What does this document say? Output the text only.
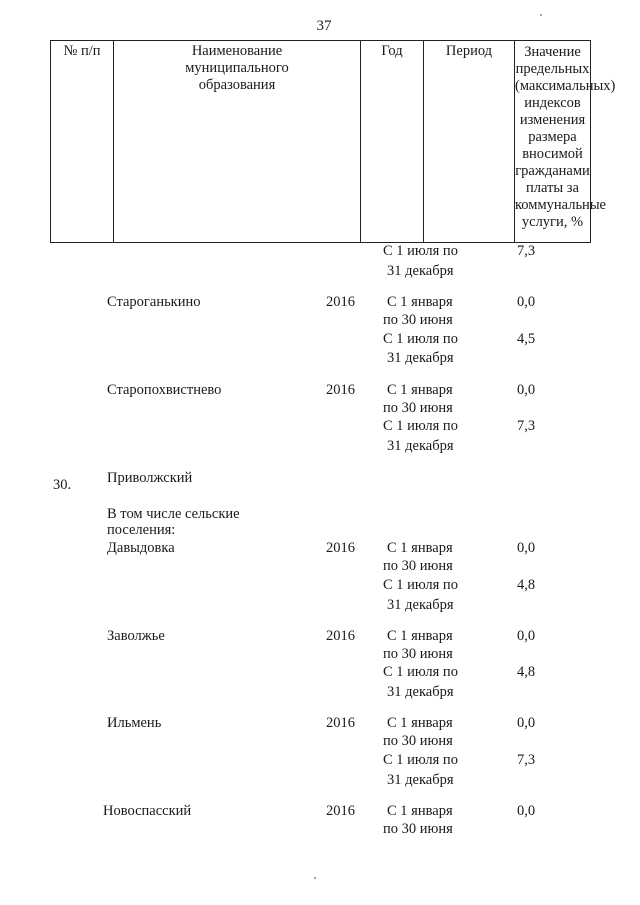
37
№ п/п	Наименование
муниципального
образования
Год	Период	Значение
предельных
(максимальных)
индексов
изменения
размера
вносимой
гражданами
платы за
коммунальные
услуги, %
С 1 июля по	7,3
31 декабря
Староганькино	2016 С 1 января	0,0
по 30 июня
С 1 июля по	4,5
31 декабря
Старопохвистнево	2016 С 1 января	0,0
по 30 июня
С 1 июля по	7,3
31 декабря
Приволжский
30.
В том числе сельские
поселения:
Давыдовка	2016 С 1 января	0,0
по 30 июня
С 1 июля по	4,8
31 декабря
Заволжье	2016 С 1 января	0,0
по 30 июня
С 1 июля по	4,8
31 декабря
Ильмень	2016 С 1 января	0,0
по 30 июня
С 1 июля по	7,3
31 декабря
Новоспасский	2016 С 1 января	0,0
по 30 июня
